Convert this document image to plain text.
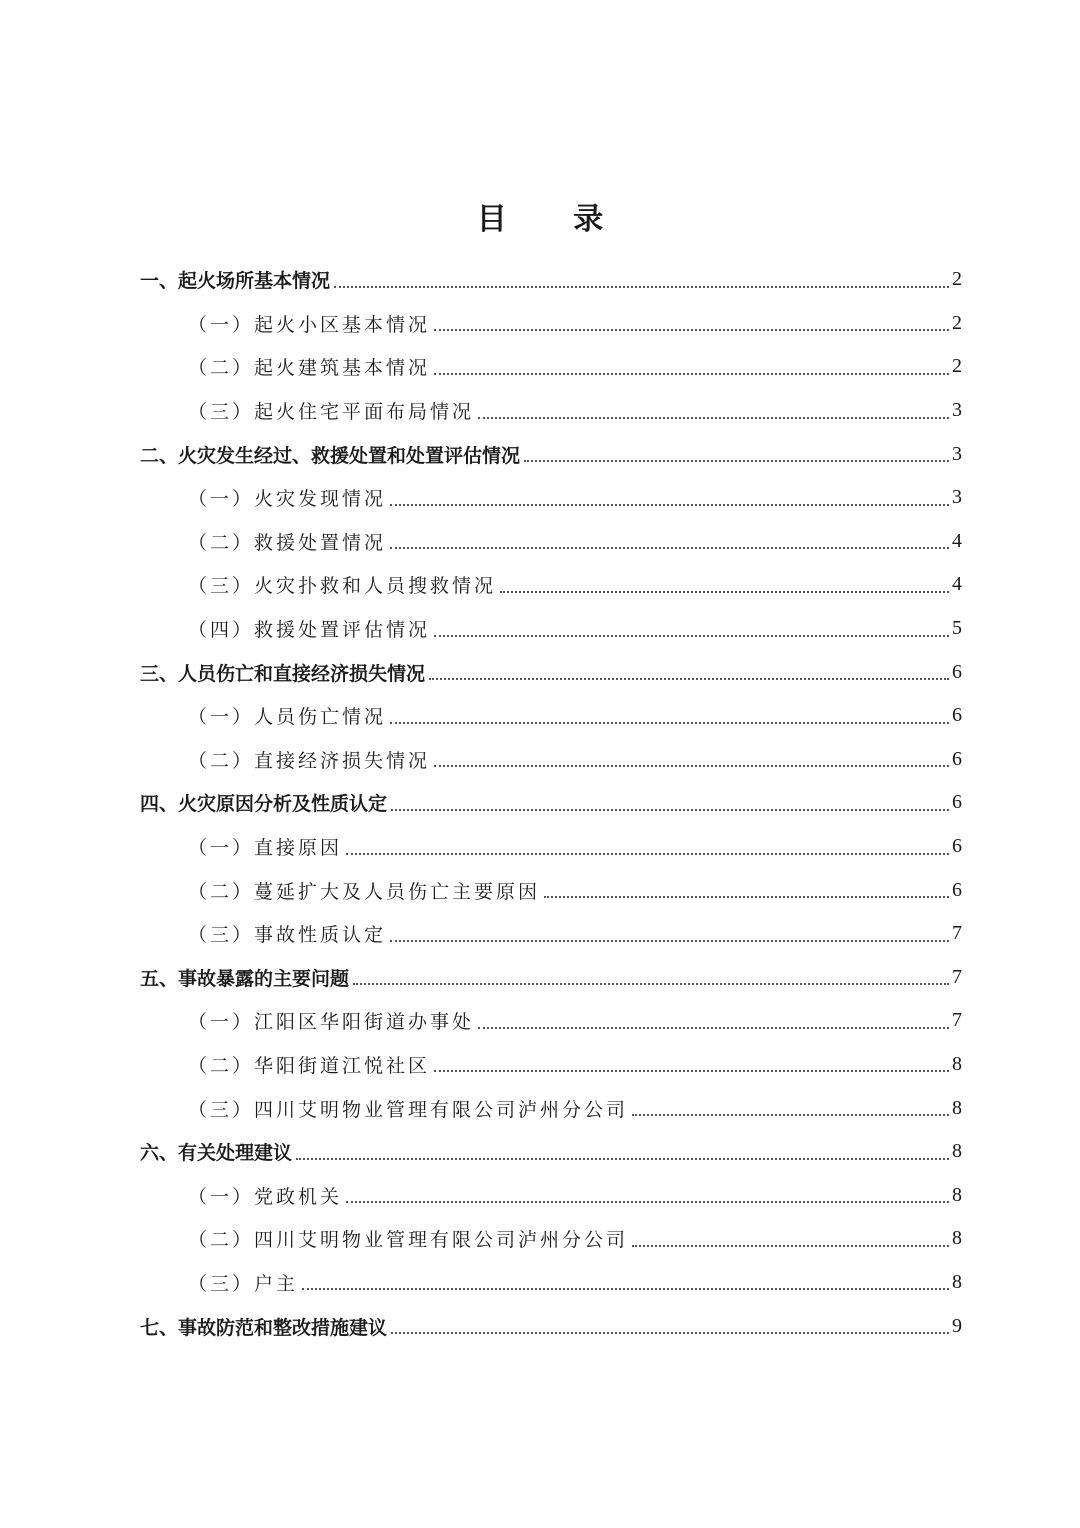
目 录
一、起火场所基本情况	2
（一）起火小区基本情况	2
（二）起火建筑基本情况	2
（三）起火住宅平面布局情况	3
二、火灾发生经过、救援处置和处置评估情况	3
（一）火灾发现情况	3
（二）救援处置情况	4
（三）火灾扑救和人员搜救情况	4
（四）救援处置评估情况	5
三、人员伤亡和直接经济损失情况	6
（一）人员伤亡情况	6
（二）直接经济损失情况	6
四、火灾原因分析及性质认定	6
（一）直接原因	6
（二）蔓延扩大及人员伤亡主要原因	6
（三）事故性质认定	7
五、事故暴露的主要问题	7
（一）江阳区华阳街道办事处	7
（二）华阳街道江悦社区	8
（三）四川艾明物业管理有限公司泸州分公司	8
六、有关处理建议	8
（一）党政机关	8
（二）四川艾明物业管理有限公司泸州分公司	8
（三）户主	8
七、事故防范和整改措施建议	9
